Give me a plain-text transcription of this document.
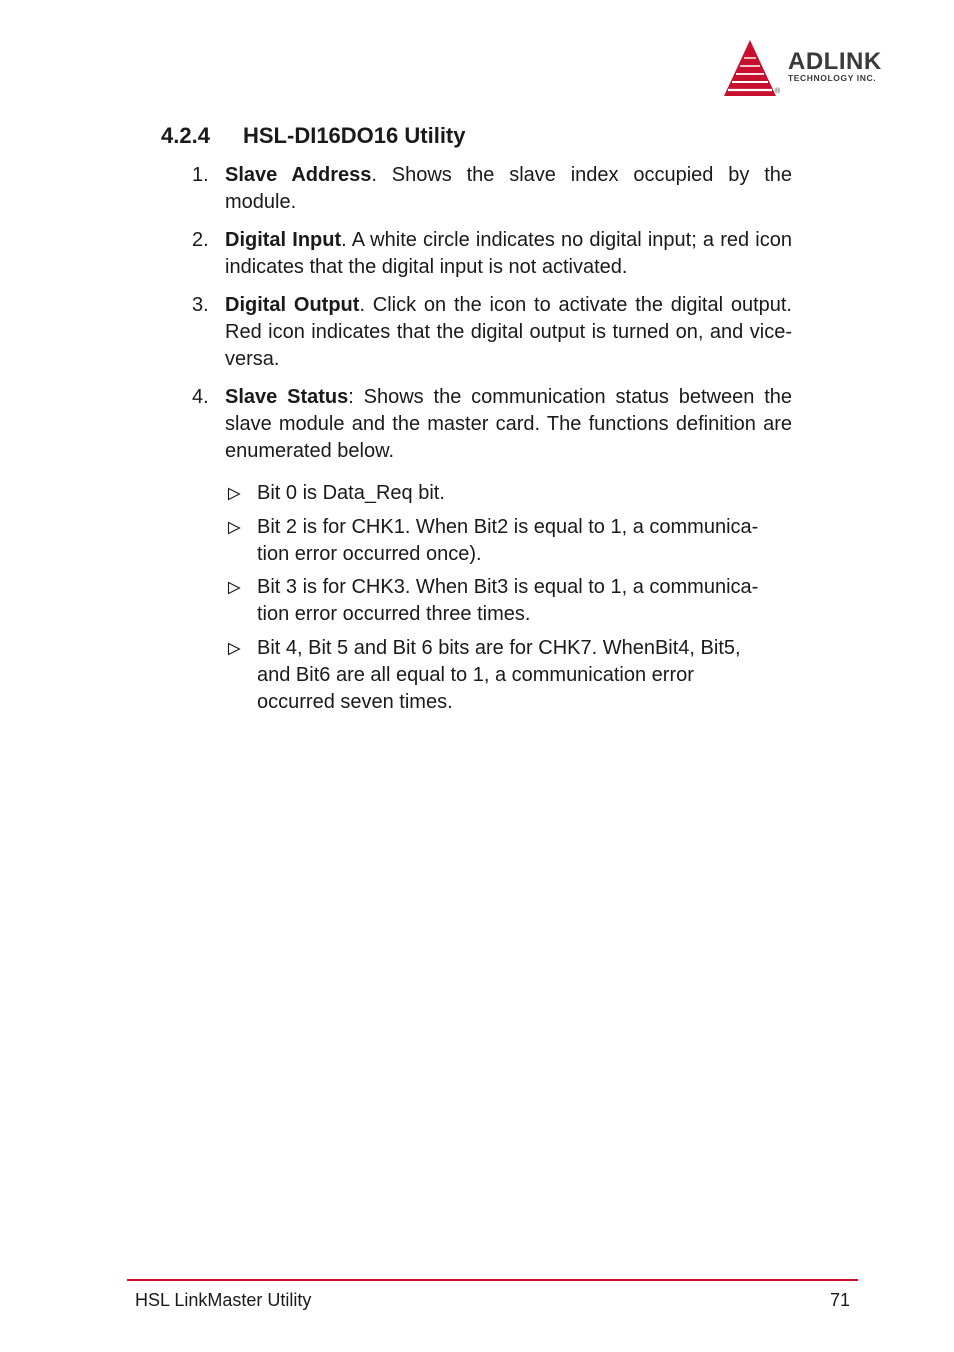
ADLINK
TECHNOLOGY INC.
®
4.2.4 HSL-DI16DO16 Utility
1. Slave Address. Shows the slave index occupied by the module.

2. Digital Input. A white circle indicates no digital input; a red icon indicates that the digital input is not activated.

3. Digital Output. Click on the icon to activate the digital output. Red icon indicates that the digital output is turned on, and vice-versa.

4. Slave Status: Shows the communication status between the slave module and the master card. The functions definition are enumerated below.

Bit 0 is Data_Req bit.

Bit 2 is for CHK1. When Bit2 is equal to 1, a communica-
tion error occurred once).

Bit 3 is for CHK3. When Bit3 is equal to 1, a communica-
tion error occurred three times.

Bit 4, Bit 5 and Bit 6 bits are for CHK7. WhenBit4, Bit5,
and Bit6 are all equal to 1, a communication error
occurred seven times.

HSL LinkMaster Utility	71
